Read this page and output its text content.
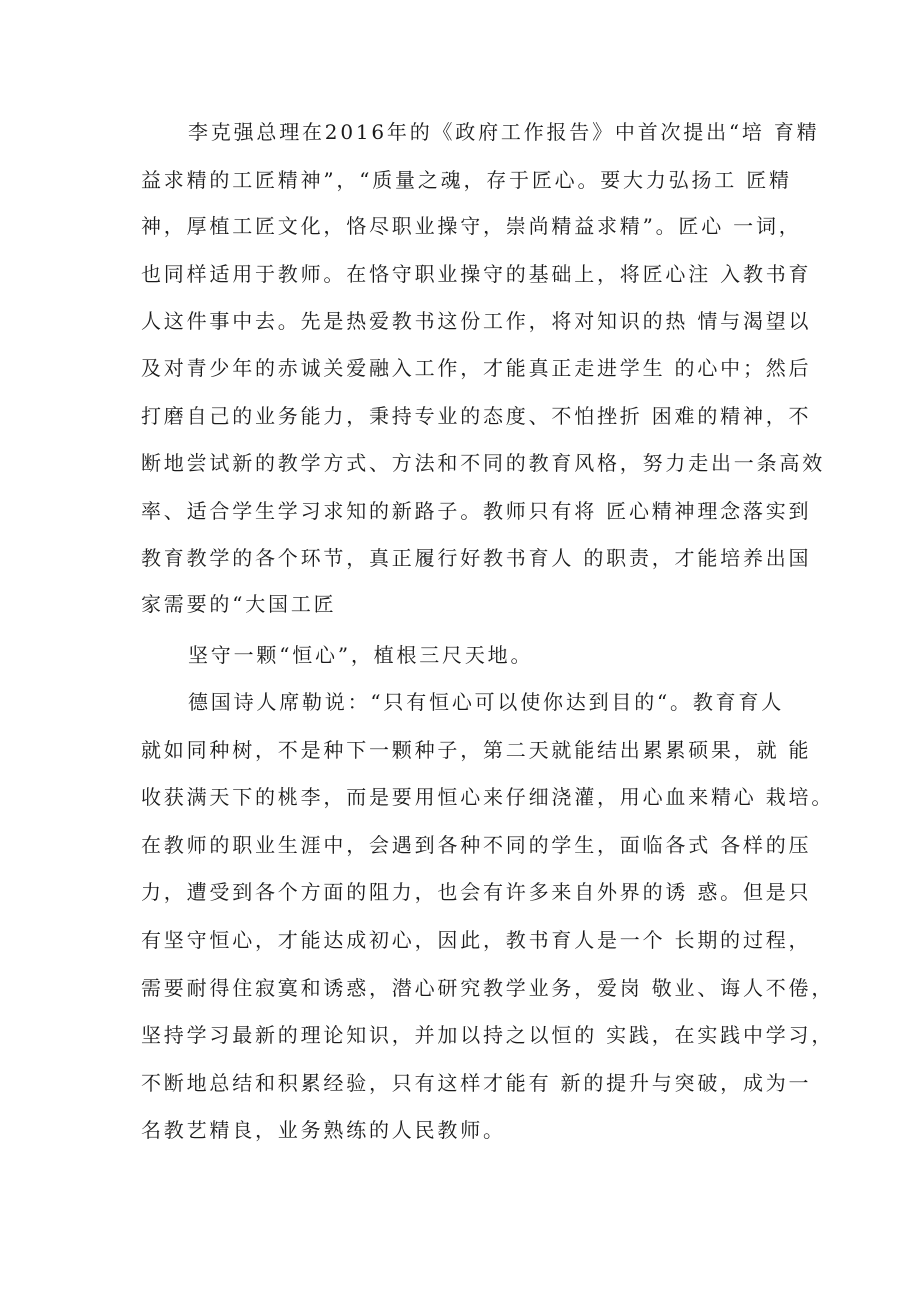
李克强总理在2016年的《政府工作报告》中首次提出“培 育精
益求精的工匠精神”，“质量之魂，存于匠心。要大力弘扬工 匠精
神，厚植工匠文化，恪尽职业操守，崇尚精益求精”。匠心 一词，
也同样适用于教师。在恪守职业操守的基础上，将匠心注 入教书育
人这件事中去。先是热爱教书这份工作，将对知识的热 情与渴望以
及对青少年的赤诚关爱融入工作，才能真正走进学生 的心中；然后
打磨自己的业务能力，秉持专业的态度、不怕挫折 困难的精神，不
断地尝试新的教学方式、方法和不同的教育风格，努力走出一条高效
率、适合学生学习求知的新路子。教师只有将 匠心精神理念落实到
教育教学的各个环节，真正履行好教书育人 的职责，才能培养出国
家需要的“大国工匠
坚守一颗“恒心”，植根三尺天地。
德国诗人席勒说：“只有恒心可以使你达到目的“。教育育人
就如同种树，不是种下一颗种子，第二天就能结出累累硕果，就 能
收获满天下的桃李，而是要用恒心来仔细浇灌，用心血来精心 栽培。
在教师的职业生涯中，会遇到各种不同的学生，面临各式 各样的压
力，遭受到各个方面的阻力，也会有许多来自外界的诱 惑。但是只
有坚守恒心，才能达成初心，因此，教书育人是一个 长期的过程，
需要耐得住寂寞和诱惑，潜心研究教学业务，爱岗 敬业、诲人不倦，
坚持学习最新的理论知识，并加以持之以恒的 实践，在实践中学习，
不断地总结和积累经验，只有这样才能有 新的提升与突破，成为一
名教艺精良，业务熟练的人民教师。
